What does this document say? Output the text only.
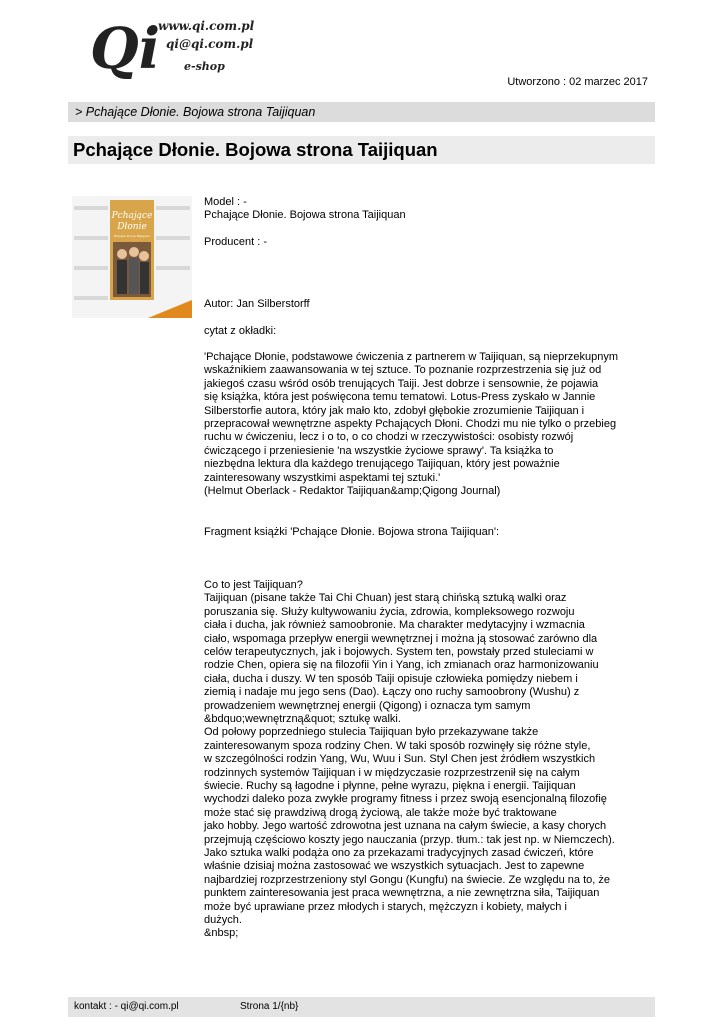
Qi
www.qi.com.pl
qi@qi.com.pl
e-shop
Utworzono : 02 marzec 2017
> Pchające Dłonie. Bojowa strona Taijiquan
Pchające Dłonie. Bojowa strona Taijiquan
Pchające
Dłonie
Bojowa strona Taijiquan

Model : -

Pchające Dłonie. Bojowa strona Taijiquan

Producent : -

Autor: Jan Silberstorff

cytat z okładki:

'Pchające Dłonie, podstawowe ćwiczenia z partnerem w Taijiquan, są nieprzekupnym
wskaźnikiem zaawansowania w tej sztuce. To poznanie rozprzestrzenia się już od
jakiegoś czasu wśród osób trenujących Taiji. Jest dobrze i sensownie, że pojawia
się książka, która jest poświęcona temu tematowi. Lotus-Press zyskało w Jannie
Silberstorfie autora, który jak mało kto, zdobył głębokie zrozumienie Taijiquan i
przepracował wewnętrzne aspekty Pchających Dłoni. Chodzi mu nie tylko o przebieg
ruchu w ćwiczeniu, lecz i o to, o co chodzi w rzeczywistości: osobisty rozwój
ćwiczącego i przeniesienie 'na wszystkie życiowe sprawy'. Ta książka to
niezbędna lektura dla każdego trenującego Taijiquan, który jest poważnie
zainteresowany wszystkimi aspektami tej sztuki.'
(Helmut Oberlack - Redaktor Taijiquan&amp;Qigong Journal)

Fragment książki 'Pchające Dłonie. Bojowa strona Taijiquan':

Co to jest Taijiquan?
Taijiquan (pisane także Tai Chi Chuan) jest starą chińską sztuką walki oraz
poruszania się. Służy kultywowaniu życia, zdrowia, kompleksowego rozwoju
ciała i ducha, jak również samoobronie. Ma charakter medytacyjny i wzmacnia
ciało, wspomaga przepływ energii wewnętrznej i można ją stosować zarówno dla
celów terapeutycznych, jak i bojowych. System ten, powstały przed stuleciami w
rodzie Chen, opiera się na filozofii Yin i Yang, ich zmianach oraz harmonizowaniu
ciała, ducha i duszy. W ten sposób Taiji opisuje człowieka pomiędzy niebem i
ziemią i nadaje mu jego sens (Dao). Łączy ono ruchy samoobrony (Wushu) z
prowadzeniem wewnętrznej energii (Qigong) i oznacza tym samym
&bdquo;wewnętrzną&quot; sztukę walki.
Od połowy poprzedniego stulecia Taijiquan było przekazywane także
zainteresowanym spoza rodziny Chen. W taki sposób rozwinęły się różne style,
w szczególności rodzin Yang, Wu, Wuu i Sun. Styl Chen jest źródłem wszystkich
rodzinnych systemów Taijiquan i w międzyczasie rozprzestrzenił się na całym
świecie. Ruchy są łagodne i płynne, pełne wyrazu, piękna i energii. Taijiquan
wychodzi daleko poza zwykłe programy fitness i przez swoją esencjonalną filozofię
może stać się prawdziwą drogą życiową, ale także może być traktowane
jako hobby. Jego wartość zdrowotna jest uznana na całym świecie, a kasy chorych
przejmują częściowo koszty jego nauczania (przyp. tłum.: tak jest np. w Niemczech).
Jako sztuka walki podąża ono za przekazami tradycyjnych zasad ćwiczeń, które
właśnie dzisiaj można zastosować we wszystkich sytuacjach. Jest to zapewne
najbardziej rozprzestrzeniony styl Gongu (Kungfu) na świecie. Ze względu na to, że
punktem zainteresowania jest praca wewnętrzna, a nie zewnętrzna siła, Taijiquan
może być uprawiane przez młodych i starych, mężczyzn i kobiety, małych i
dużych.
&nbsp;

kontakt : - qi@qi.com.pl	Strona 1/{nb}
